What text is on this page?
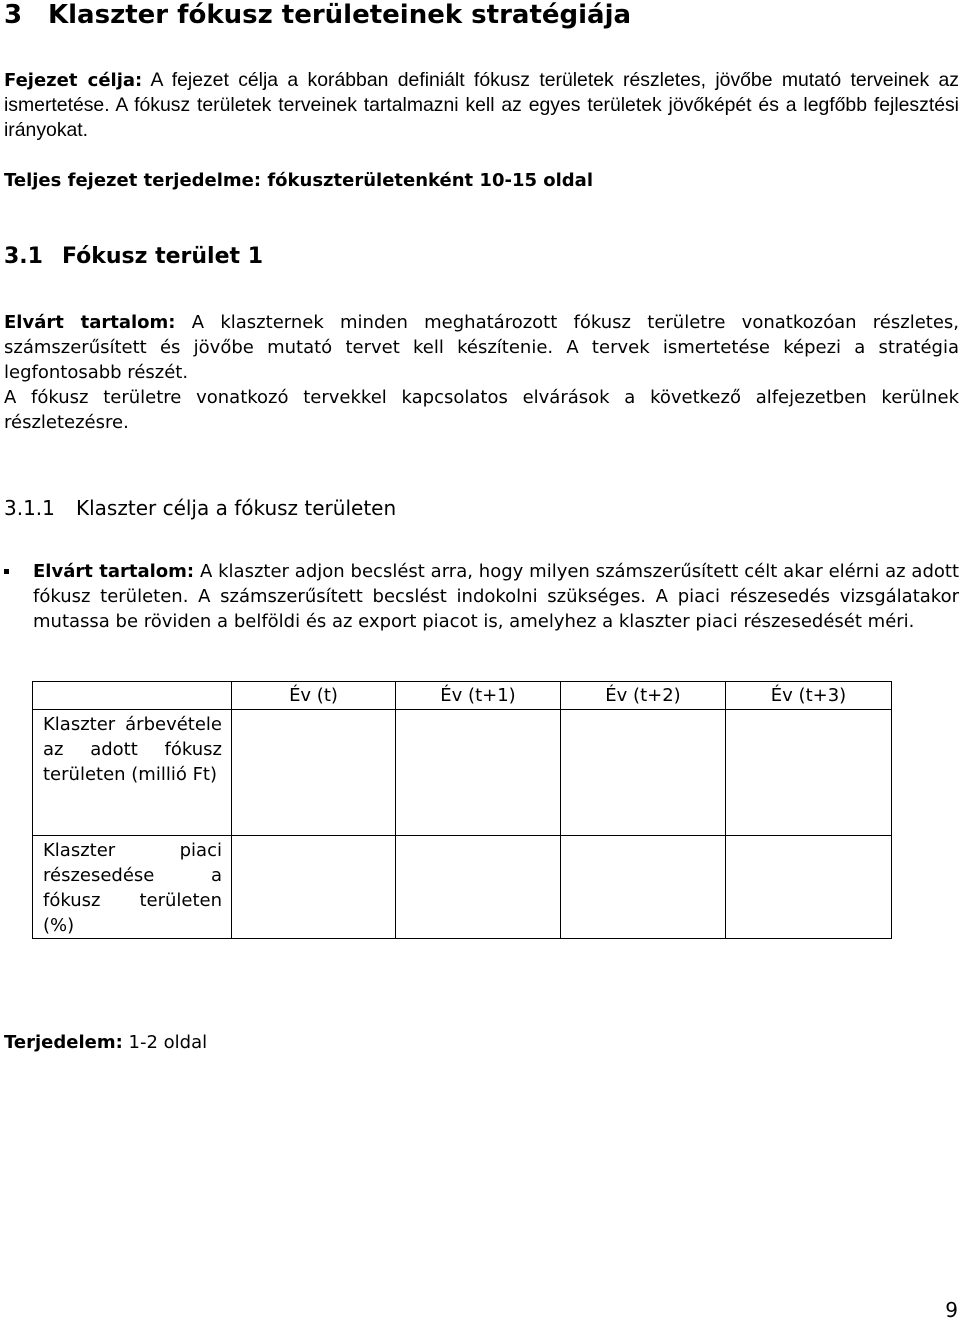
3 Klaszter fókusz területeinek stratégiája

Fejezet célja: A fejezet célja a korábban definiált fókusz területek részletes, jövőbe mutató terveinek az ismertetése. A fókusz területek terveinek tartalmazni kell az egyes területek jövőképét és a legfőbb fejlesztési irányokat.

Teljes fejezet terjedelme: fókuszterületenként 10-15 oldal

3.1 Fókusz terület 1

Elvárt tartalom: A klaszternek minden meghatározott fókusz területre vonatkozóan részletes, számszerűsített és jövőbe mutató tervet kell készítenie. A tervek ismertetése képezi a stratégia legfontosabb részét.

A fókusz területre vonatkozó tervekkel kapcsolatos elvárások a következő alfejezetben kerülnek részletezésre.

3.1.1 Klaszter célja a fókusz területen

Elvárt tartalom: A klaszter adjon becslést arra, hogy milyen számszerűsített célt akar elérni az adott fókusz területen. A számszerűsített becslést indokolni szükséges. A piaci részesedés vizsgálatakor mutassa be röviden a belföldi és az export piacot is, amelyhez a klaszter piaci részesedését méri.

	Év (t)	Év (t+1)	Év (t+2)	Év (t+3)

Klaszter árbevétele az adott fókusz területen (millió Ft)				

Klaszter piaci részesedése a fókusz területen (%)				

Terjedelem: 1-2 oldal

9
